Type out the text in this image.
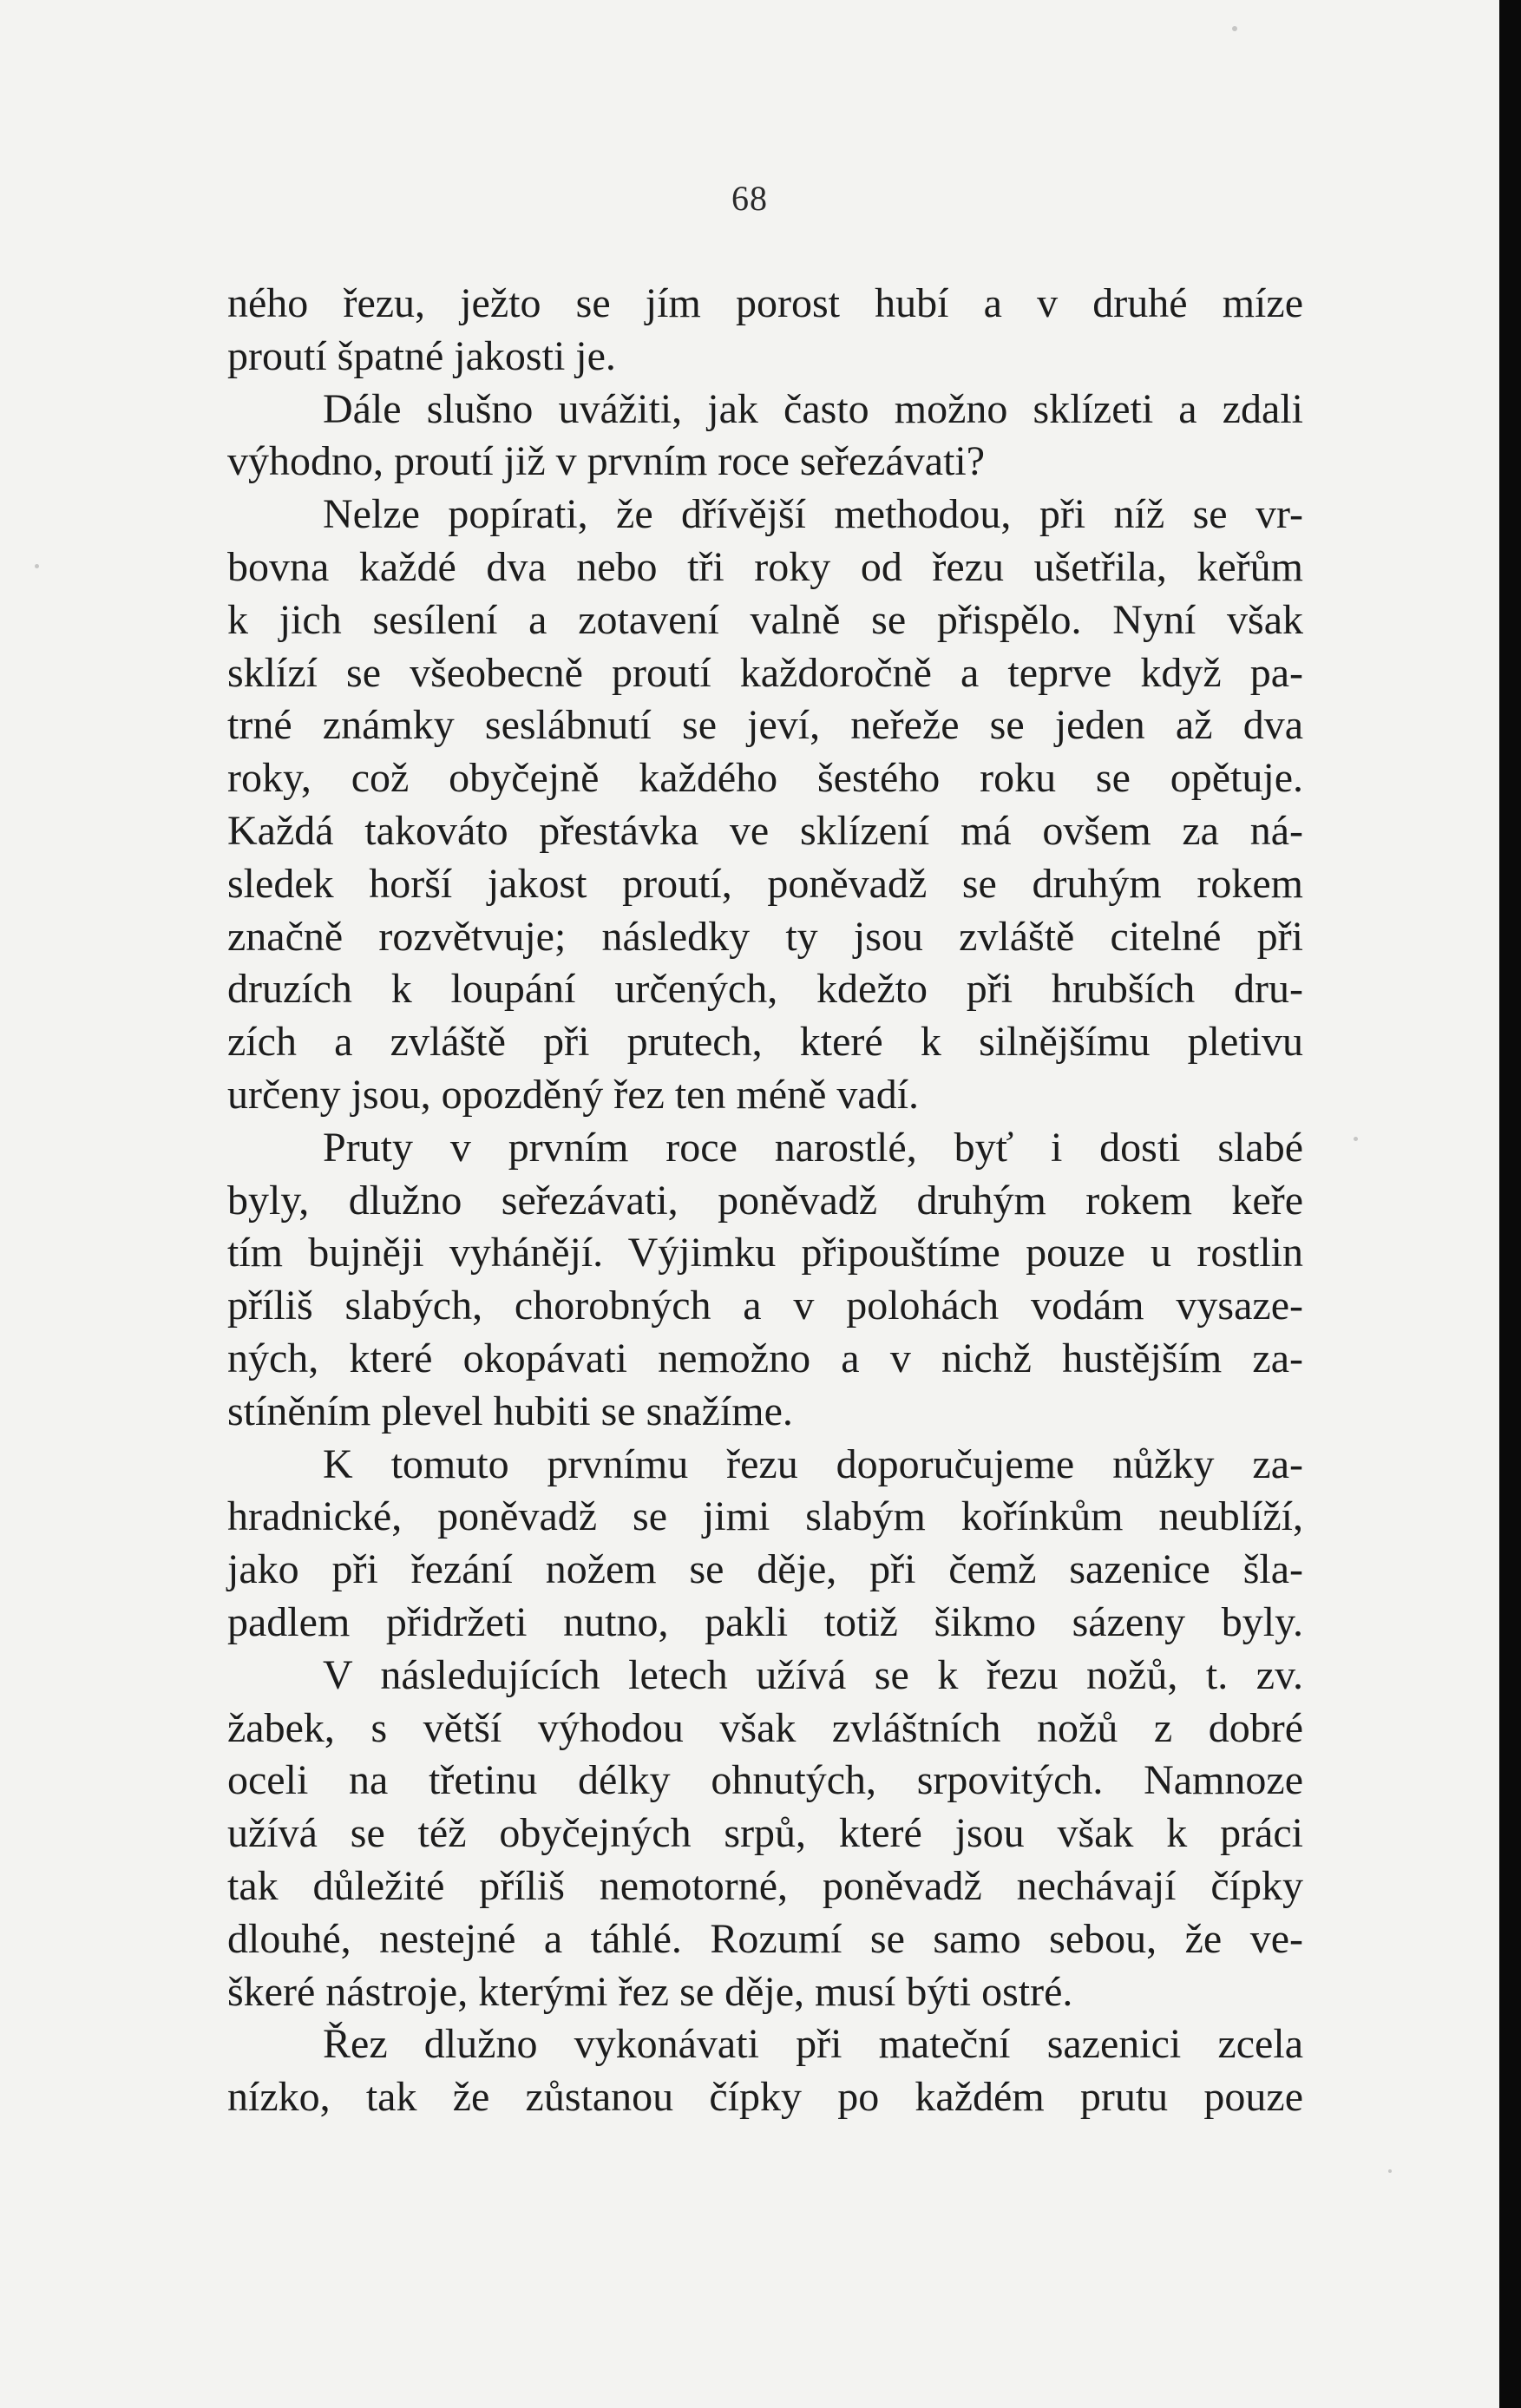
68
ného řezu, ježto se jím porost hubí a v druhé míze
proutí špatné jakosti je.
Dále slušno uvážiti, jak často možno sklízeti a zdali
výhodno, proutí již v prvním roce seřezávati?
Nelze popírati, že dřívější methodou, při níž se vr-
bovna každé dva nebo tři roky od řezu ušetřila, keřům
k jich sesílení a zotavení valně se přispělo. Nyní však
sklízí se všeobecně proutí každoročně a teprve když pa-
trné známky seslábnutí se jeví, neřeže se jeden až dva
roky, což obyčejně každého šestého roku se opětuje.
Každá takováto přestávka ve sklízení má ovšem za ná-
sledek horší jakost proutí, poněvadž se druhým rokem
značně rozvětvuje; následky ty jsou zvláště citelné při
druzích k loupání určených, kdežto při hrubších dru-
zích a zvláště při prutech, které k silnějšímu pletivu
určeny jsou, opozděný řez ten méně vadí.
Pruty v prvním roce narostlé, byť i dosti slabé
byly, dlužno seřezávati, poněvadž druhým rokem keře
tím bujněji vyhánějí. Výjimku připouštíme pouze u rostlin
příliš slabých, chorobných a v polohách vodám vysaze-
ných, které okopávati nemožno a v nichž hustějším za-
stíněním plevel hubiti se snažíme.
K tomuto prvnímu řezu doporučujeme nůžky za-
hradnické, poněvadž se jimi slabým kořínkům neublíží,
jako při řezání nožem se děje, při čemž sazenice šla-
padlem přidržeti nutno, pakli totiž šikmo sázeny byly.
V následujících letech užívá se k řezu nožů, t. zv.
žabek, s větší výhodou však zvláštních nožů z dobré
oceli na třetinu délky ohnutých, srpovitých. Namnoze
užívá se též obyčejných srpů, které jsou však k práci
tak důležité příliš nemotorné, poněvadž nechávají čípky
dlouhé, nestejné a táhlé. Rozumí se samo sebou, že ve-
škeré nástroje, kterými řez se děje, musí býti ostré.
Řez dlužno vykonávati při mateční sazenici zcela
nízko, tak že zůstanou čípky po každém prutu pouze
